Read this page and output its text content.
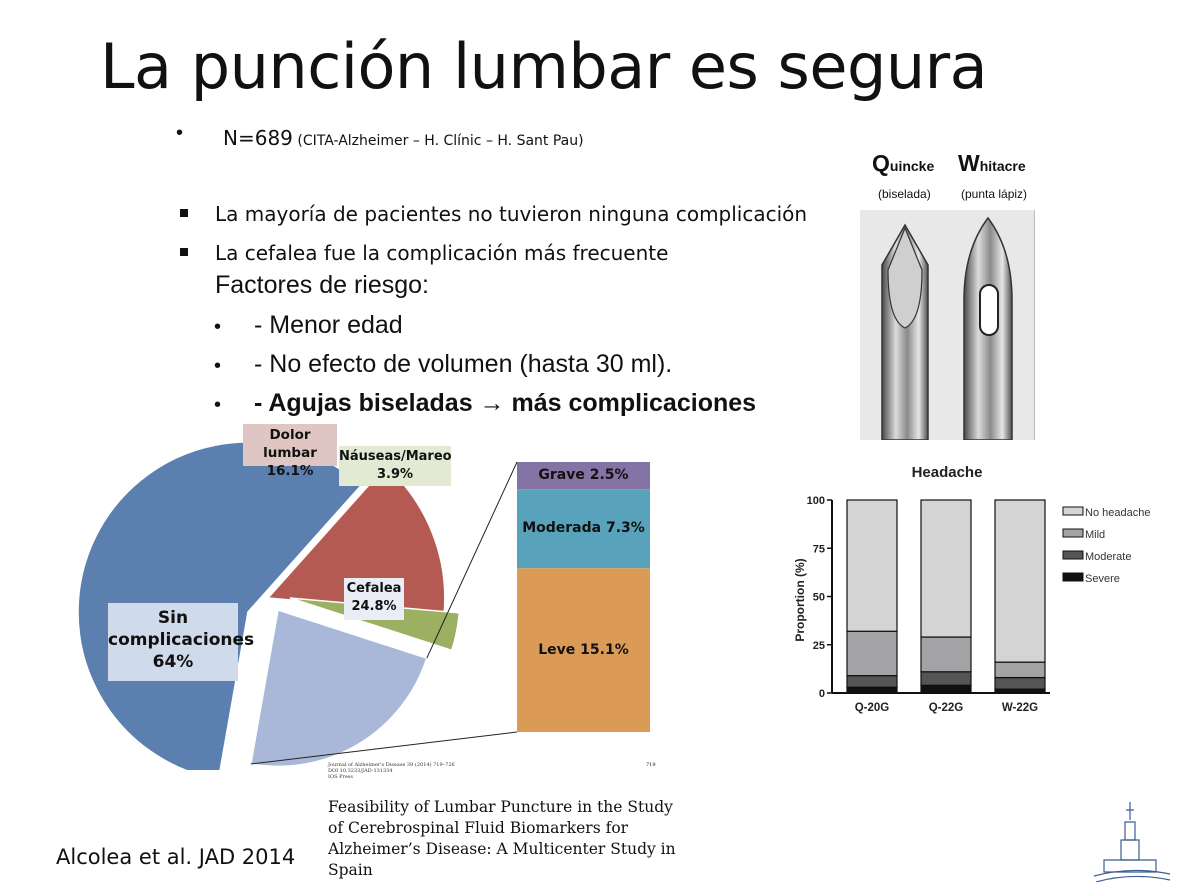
La punción lumbar es segura
• N=689 (CITA-Alzheimer – H. Clínic – H. Sant Pau)
La mayoría de pacientes no tuvieron ninguna complicación
La cefalea fue la complicación más frecuente
Factores de riesgo:
• - Menor edad
• - No efecto de volumen (hasta 30 ml).
• - Agujas biseladas → más complicaciones
Quincke
(biselada)
Whitacre
(punta lápiz)
Sin complicaciones
64%
Dolor lumbar
16.1%
Náuseas/Mareo
3.9%
Cefalea
24.8%
Grave 2.5%
Moderada 7.3%
Leve 15.1%
Headache
Proportion (%)
0
25
50
75
100
Q-20G	Q-22G	W-22G
No headache
Mild
Moderate
Severe
Journal of Alzheimer's Disease 39 (2014) 719–726
DOI 10.3233/JAD-131334
IOS Press
719
Feasibility of Lumbar Puncture in the Study
of Cerebrospinal Fluid Biomarkers for
Alzheimer’s Disease: A Multicenter Study in
Spain
Alcolea et al. JAD 2014
